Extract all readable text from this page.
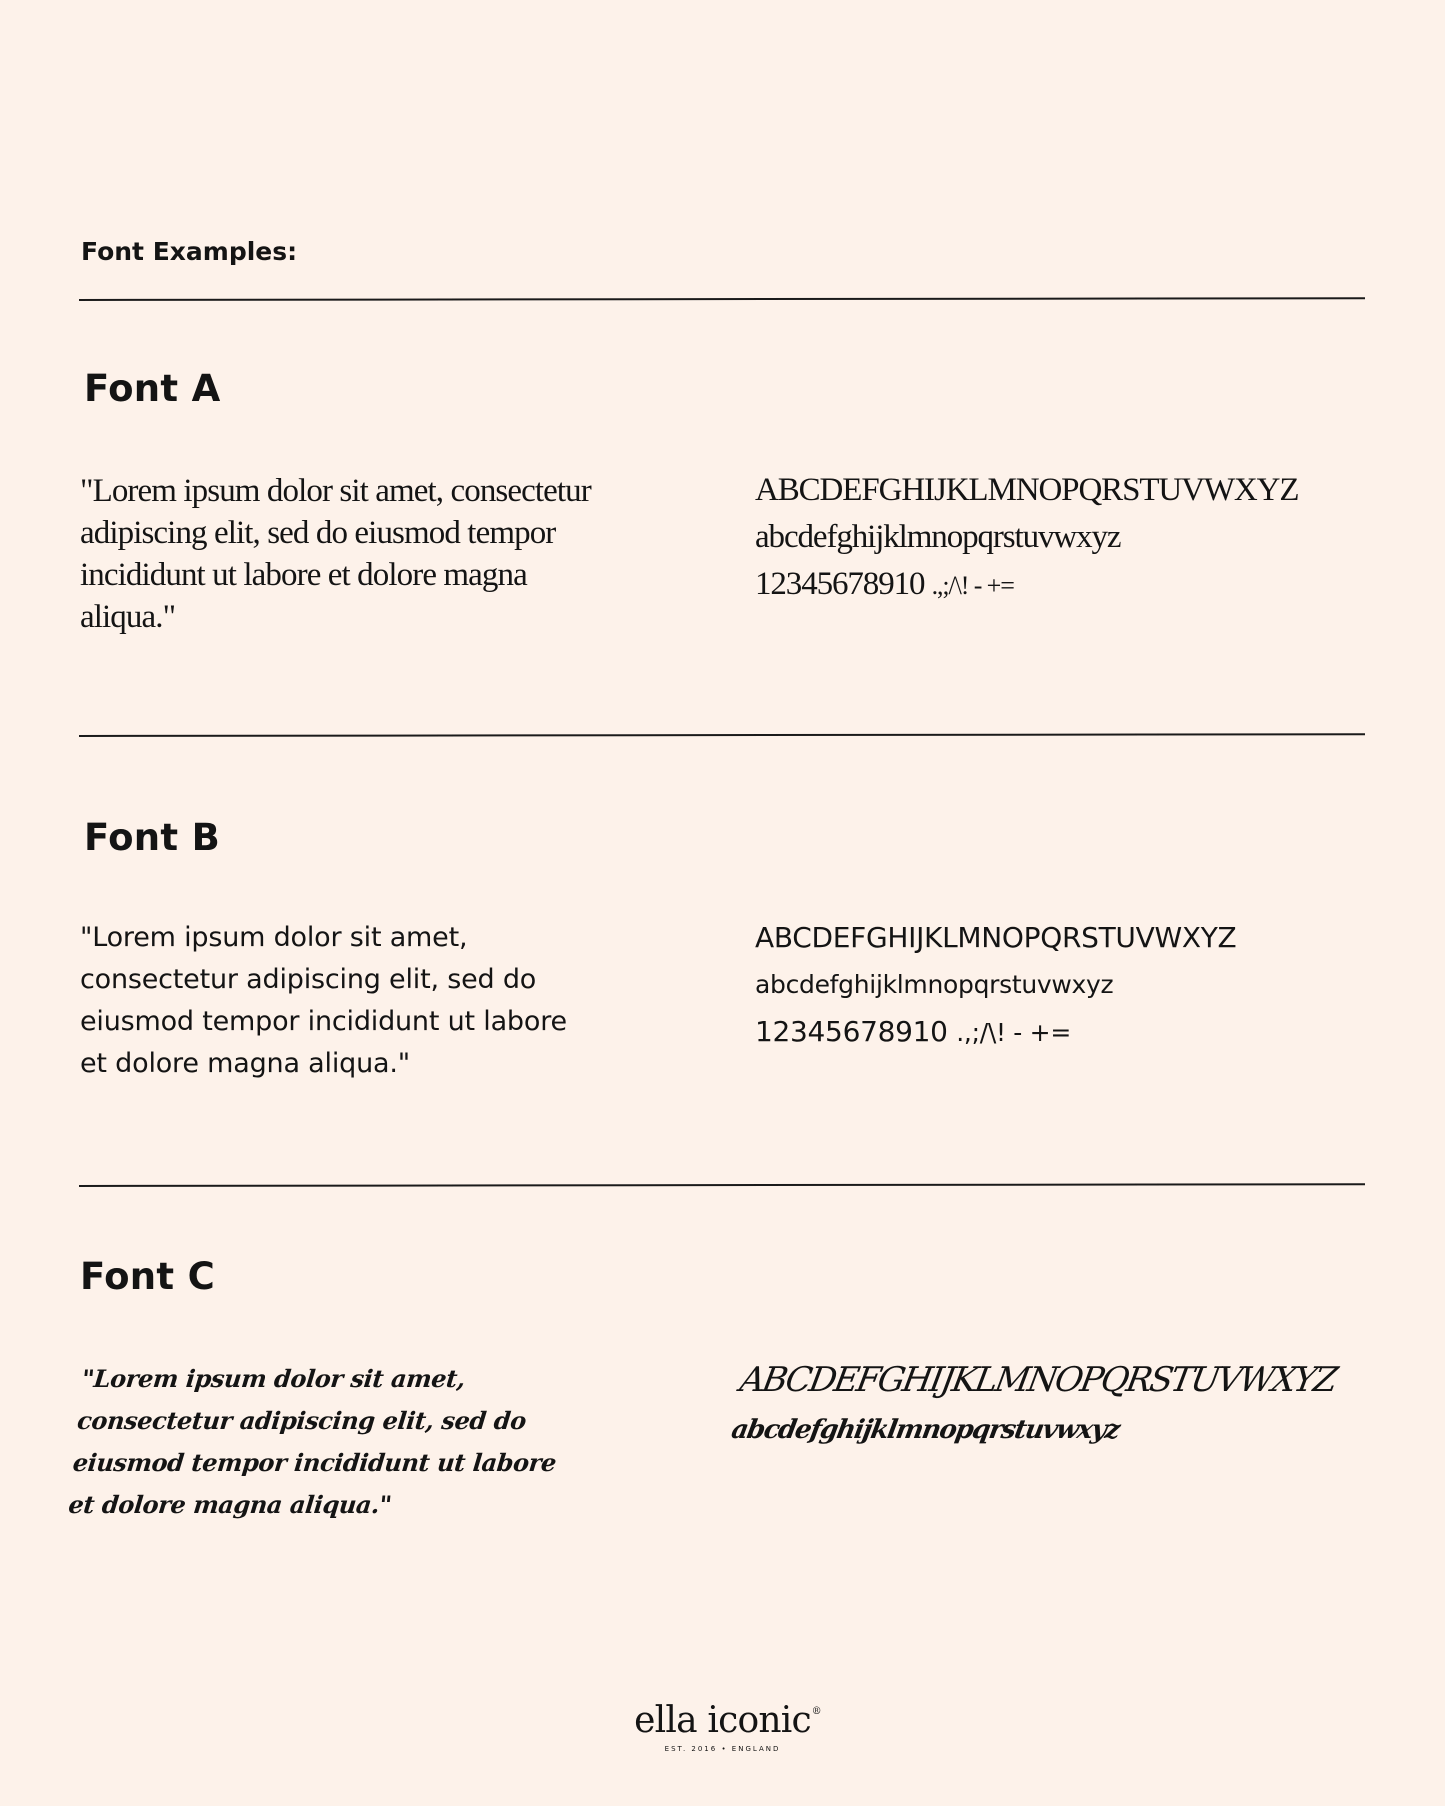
Font Examples:
Font A

"Lorem ipsum dolor sit amet, consectetur adipiscing elit, sed do eiusmod tempor incididunt ut labore et dolore magna aliqua."

ABCDEFGHIJKLMNOPQRSTUVWXYZ
abcdefghijklmnopqrstuvwxyz
12345678910 .,;/\! - +=
Font B

"Lorem ipsum dolor sit amet, consectetur adipiscing elit, sed do eiusmod tempor incididunt ut labore et dolore magna aliqua."

ABCDEFGHIJKLMNOPQRSTUVWXYZ
abcdefghijklmnopqrstuvwxyz
12345678910 .,;/\! - +=
Font C

"Lorem ipsum dolor sit amet, consectetur adipiscing elit, sed do eiusmod tempor incididunt ut labore et dolore magna aliqua."

ABCDEFGHIJKLMNOPQRSTUVWXYZ
abcdefghijklmnopqrstuvwxyz
ella iconic ®
EST. 2016 • ENGLAND
